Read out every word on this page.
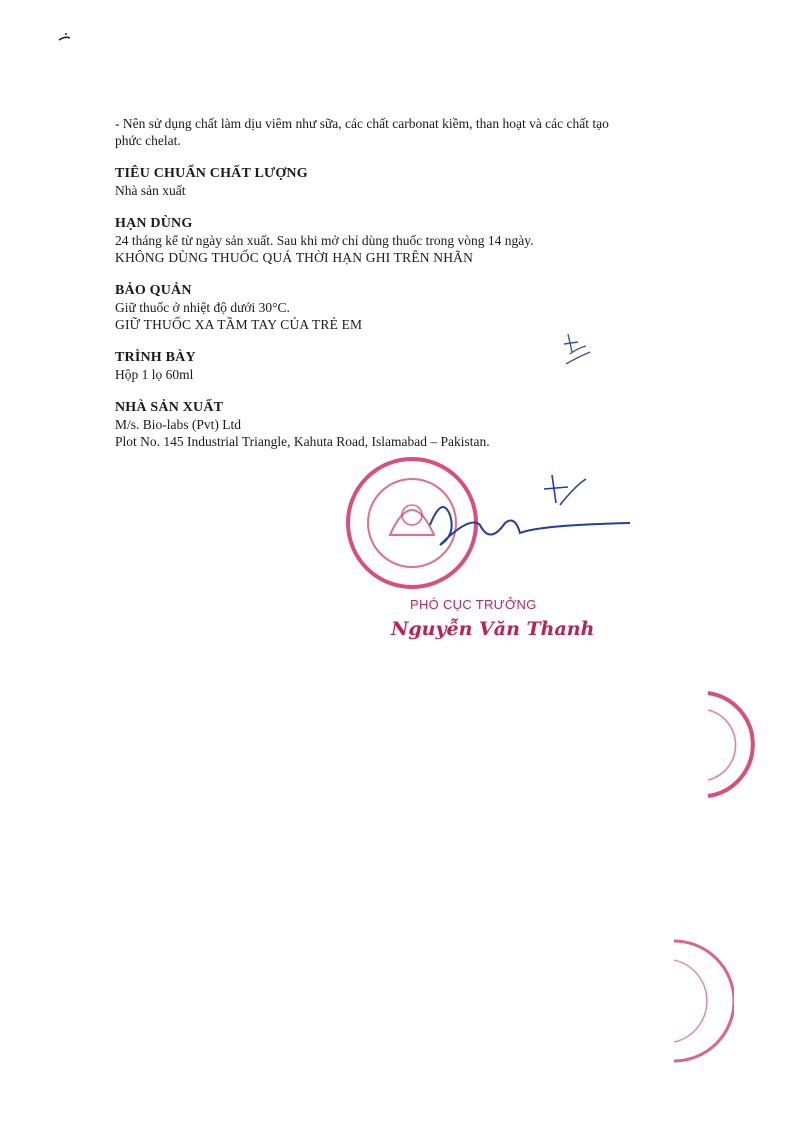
- Nên sử dụng chất làm dịu viêm như sữa, các chất carbonat kiềm, than hoạt và các chất tạo

phức chelat.

TIÊU CHUẨN CHẤT LƯỢNG

Nhà sản xuất

HẠN DÙNG

24 tháng kể từ ngày sản xuất. Sau khi mở chỉ dùng thuốc trong vòng 14 ngày.

KHÔNG DÙNG THUỐC QUÁ THỜI HẠN GHI TRÊN NHÃN

BẢO QUẢN

Giữ thuốc ở nhiệt độ dưới 30°C.

GIỮ THUỐC XA TẦM TAY CỦA TRẺ EM

TRÌNH BÀY

Hộp 1 lọ 60ml

NHÀ SẢN XUẤT

M/s. Bio-labs (Pvt) Ltd

Plot No. 145 Industrial Triangle, Kahuta Road, Islamabad – Pakistan.

PHÓ CỤC TRƯỞNG
Nguyễn Văn Thanh
